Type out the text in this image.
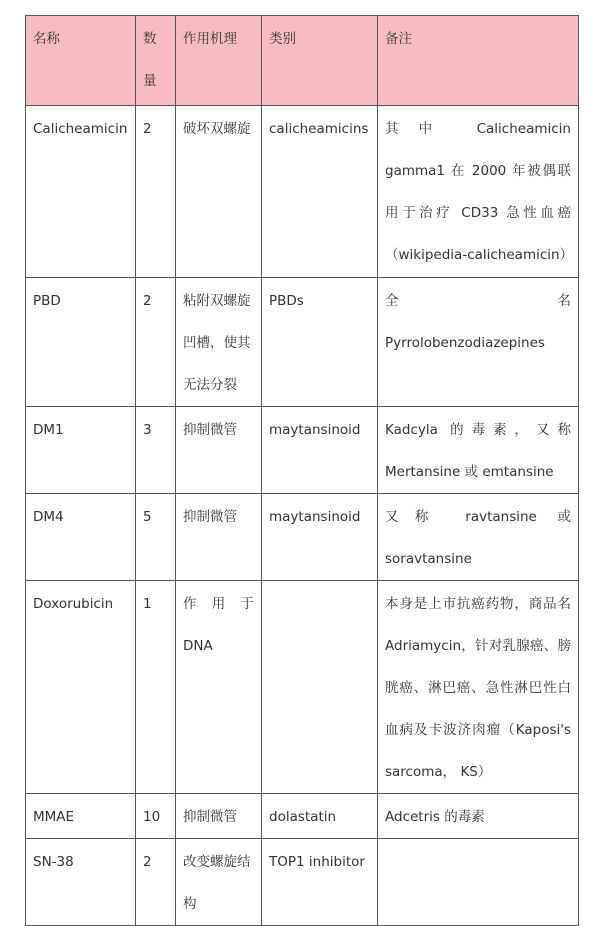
名称	数量	作用机理	类别	备注
Calicheamicin	2	破坏双螺旋	calicheamicins	其中 Calicheamicin gamma1 在 2000 年被偶联用于治疗 CD33 急性血癌（wikipedia-calicheamicin）
PBD	2	粘附双螺旋凹槽，使其无法分裂	PBDs	全名 Pyrrolobenzodiazepines
DM1	3	抑制微管	maytansinoid	Kadcyla 的毒素，又称 Mertansine 或 emtansine
DM4	5	抑制微管	maytansinoid	又称 ravtansine 或 soravtansine
Doxorubicin	1	作用于 DNA		本身是上市抗癌药物，商品名 Adriamycin，针对乳腺癌、膀胱癌、淋巴癌、急性淋巴性白血病及卡波济肉瘤（Kaposi's sarcoma， KS）
MMAE	10	抑制微管	dolastatin	Adcetris 的毒素
SN-38	2	改变螺旋结构	TOP1 inhibitor	
